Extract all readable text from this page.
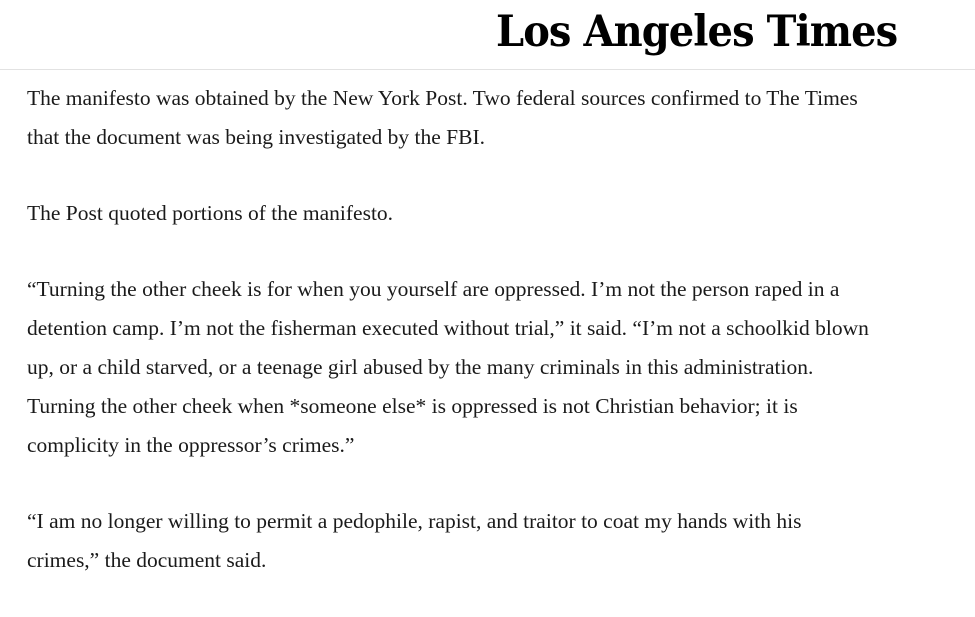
Los Angeles Times

The manifesto was obtained by the New York Post. Two federal sources confirmed to The Times that the document was being investigated by the FBI.

The Post quoted portions of the manifesto.

“Turning the other cheek is for when you yourself are oppressed. I’m not the person raped in a detention camp. I’m not the fisherman executed without trial,” it said. “I’m not a schoolkid blown up, or a child starved, or a teenage girl abused by the many criminals in this administration. Turning the other cheek when *someone else* is oppressed is not Christian behavior; it is complicity in the oppressor’s crimes.”

“I am no longer willing to permit a pedophile, rapist, and traitor to coat my hands with his crimes,” the document said.
